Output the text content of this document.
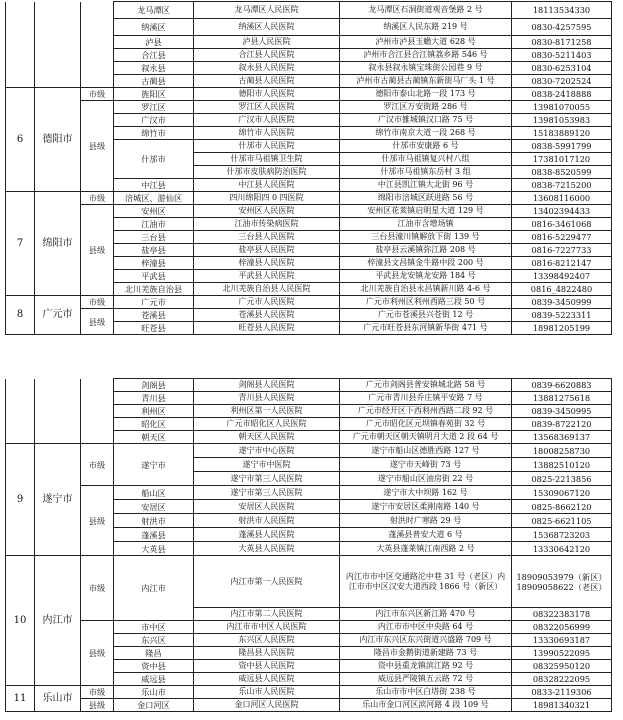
			龙马潭区	龙马潭区人民医院	龙马潭区石洞街道观音堡路 2 号	18113534330
			纳溪区	纳溪区人民医院	纳溪区人民东路 219 号	0830-4257595
			泸县	泸县人民医院	泸州市泸县玉蟾大道 628 号	0830-8171258
			合江县	合江县人民医院	泸州市合江县合江镇荔乡路 546 号	0830-5211403
			叙永县	叙永县人民医院	叙永县叙永镇宝珠街公园巷 9 号	0830-6253104
			古蔺县	古蔺县人民医院	泸州市古蔺县古蔺镇东新街马厂头 1 号	0830-7202524
6	德阳市	市级	旌阳区	德阳市人民医院	德阳市泰山北路一段 173 号	0838-2418888
		县级	罗江区	罗江区人民医院	罗江区万安街路 286 号	13981070055
			广汉市	广汉市人民医院	广汉市雒城镇汉口路 75 号	13981053983
			绵竹市	绵竹市人民医院	绵竹市南京大道一段 268 号	15183889120
			什邡市	什邡市人民医院	什邡市安康路 6 号	0838-5991799
				什邡市马祖镇卫生院	什邡市马祖镇复兴村八组	17381017120
				什邡市皮肤病防治医院	什邡市马祖镇东岳村 3 组	0838-8520599
			中江县	中江县人民医院	中江县凯江镇大北街 96 号	0838-7215200
7	绵阳市	市级	涪城区、游仙区	四川绵阳四 0 四医院	绵阳市涪城区跃进路 56 号	13608116000
		县级	安州区	安州区人民医院	安州区花荄镇启明星大道 129 号	13402394433
			江油市	江油市传染病医院	江油市含增场镇	0816-3461068
			三台县	三台县人民医院	三台县潼川镇解放下街 139 号	0816-5229477
			盐亭县	盐亭县人民医院	盐亭县云溪镇弥江路 208 号	0816-7227733
			梓潼县	梓潼县人民医院	梓潼县文昌镇金牛路中段 200 号	0816-8212147
			平武县	平武县人民医院	平武县龙安镇龙安路 184 号	13398492407
			北川羌族自治县	北川羌族自治县人民医院	北川羌族自治县永昌镇新川路 4-6 号	0816_4822480
8	广元市	市级	广元市	广元市人民医院	广元市利州区利州西路三段 50 号	0839-3450999
		县级	苍溪县	苍溪县人民医院	广元市苍溪县兴苍街 12 号	0839-5223311
			旺苍县	旺苍县人民医院	广元市旺苍县东河镇新华街 471 号	18981205199
			剑阁县	剑阁县人民医院	广元市剑阁县普安镇城北路 58 号	0839-6620883
			青川县	青川县人民医院	广元市青川县乔庄镇平安路 7 号	13881275618
			利州区	利州区第一人民医院	广元市经开区下西利州西路二段 92 号	0839-3450995
			昭化区	广元市昭化区人民医院	广元市昭化区元坝镇春苑街 32 号	0839-8722120
			朝天区	朝天区人民医院	广元市朝天区朝天镇明月大道 2 段 64 号	13568369137
9	遂宁市	市级	遂宁市	遂宁市中心医院	遂宁市船山区德胜西路 127 号	18008258730
				遂宁市中医院	遂宁市天峰街 73 号	13882510120
				遂宁市第三人民医院	遂宁市船山区油房街 22 号	0825-2213856
		县级	船山区	遂宁市第三人民医院	遂宁市大中坝路 162 号	15309067120
			安居区	安居区人民医院	遂宁市安居区柔刚南路 140 号	0825-8662120
			射洪市	射洪市人民医院	射洪时广寒路 29 号	0825-6621105
			蓬溪县	蓬溪县人民医院	蓬溪县普安大道 6 号	15368723203
			大英县	大英县人民医院	大英县蓬莱镇江南西路 2 号	13330642120
10	内江市	市级	内江市	内江市第一人民医院	内江市市中区交通路沱中巷 31 号（老区）内江市市中区汉安大道西段 1866 号（新区）	18909053979（新区）18909058622（老区）
				内江市第二人民医院	内江市东兴区新江路 470 号	08322383178
		县级	市中区	内江市市中区人民医院	内江市市中区中央路 64 号	08322056999
			东兴区	东兴区人民医院	内江市东兴区东兴街道兴盛路 709 号	13330693187
			隆昌	隆昌县人民医院	隆昌市金鹅街道新建路 73 号	13990522095
			资中县	资中县人民医院	资中县重龙镇滨江路 92 号	08325950120
			威远县	威远县人民医院	威远县严陵镇五云路 72 号	08328222095

11	乐山市	市级	乐山市	乐山市人民医院	乐山市市中区白塔街 238 号	0833-2119306
		县级	金口河区	金口河区人民医院	乐山市金口河区滨河路 4 段 109 号	18981340321
